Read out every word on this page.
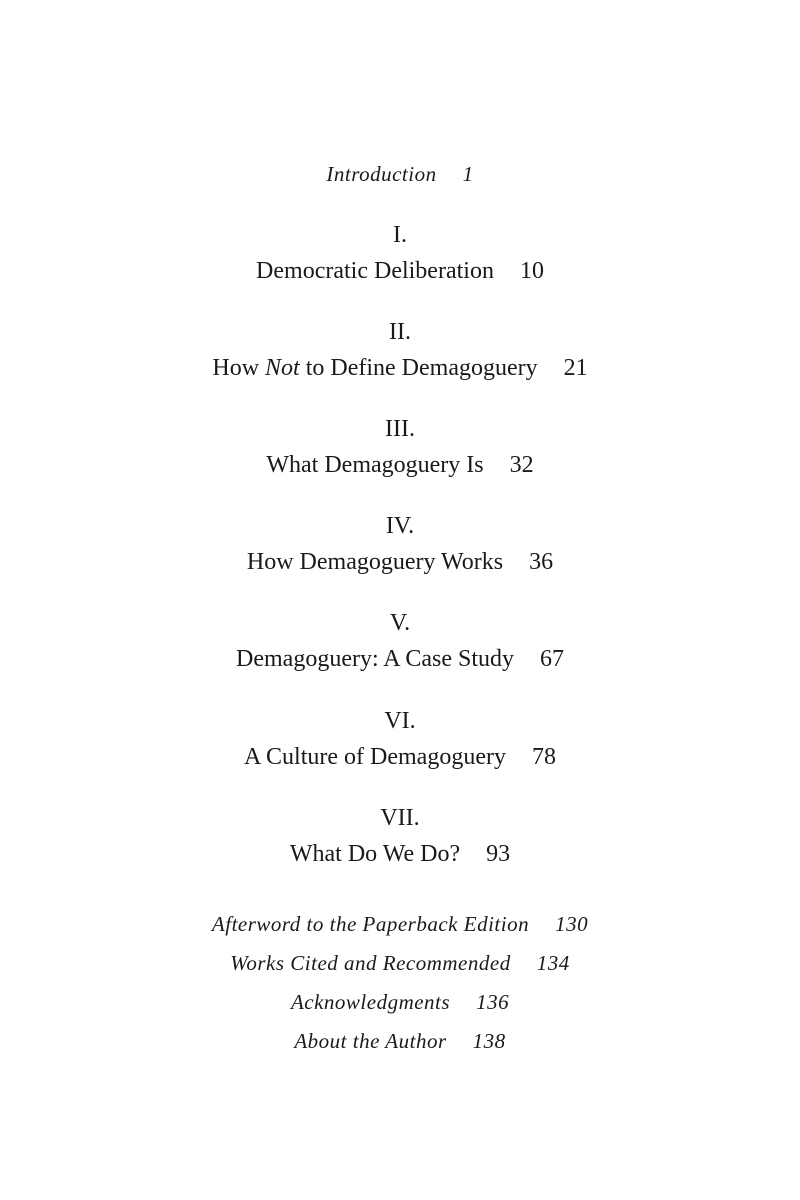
Introduction 1
I.
Democratic Deliberation 10
II.
How Not to Define Demagoguery 21
III.
What Demagoguery Is 32
IV.
How Demagoguery Works 36
V.
Demagoguery: A Case Study 67
VI.
A Culture of Demagoguery 78
VII.
What Do We Do? 93
Afterword to the Paperback Edition 130
Works Cited and Recommended 134
Acknowledgments 136
About the Author 138
